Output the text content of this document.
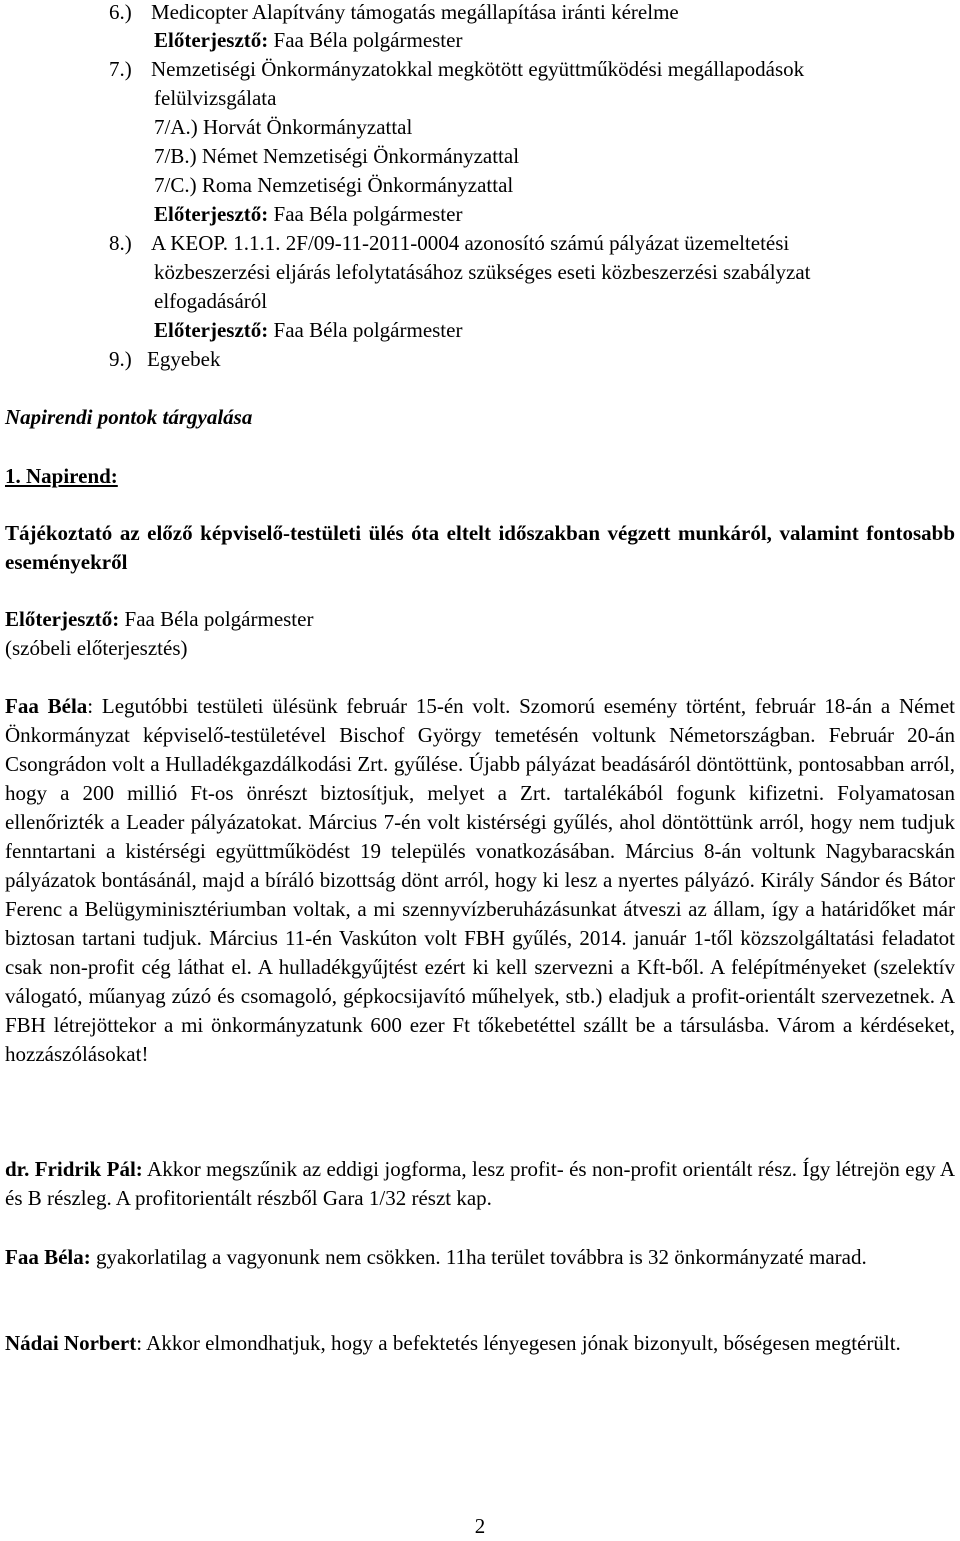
6.) Medicopter Alapítvány támogatás megállapítása iránti kérelme
Előterjesztő: Faa Béla polgármester
7.) Nemzetiségi Önkormányzatokkal megkötött együttműködési megállapodások
felülvizsgálata
7/A.) Horvát Önkormányzattal
7/B.) Német Nemzetiségi Önkormányzattal
7/C.) Roma Nemzetiségi Önkormányzattal
Előterjesztő: Faa Béla polgármester
8.) A KEOP. 1.1.1. 2F/09-11-2011-0004 azonosító számú pályázat üzemeltetési
közbeszerzési eljárás lefolytatásához szükséges eseti közbeszerzési szabályzat
elfogadásáról
Előterjesztő: Faa Béla polgármester
9.) Egyebek
Napirendi pontok tárgyalása
1. Napirend:
Tájékoztató az előző képviselő-testületi ülés óta eltelt időszakban végzett munkáról, valamint fontosabb eseményekről
Előterjesztő: Faa Béla polgármester
(szóbeli előterjesztés)

Faa Béla: Legutóbbi testületi ülésünk február 15-én volt. Szomorú esemény történt, február 18-án a Német Önkormányzat képviselő-testületével Bischof György temetésén voltunk Németországban. Február 20-án Csongrádon volt a Hulladékgazdálkodási Zrt. gyűlése. Újabb pályázat beadásáról döntöttünk, pontosabban arról, hogy a 200 millió Ft-os önrészt biztosítjuk, melyet a Zrt. tartalékából fogunk kifizetni. Folyamatosan ellenőrizték a Leader pályázatokat. Március 7-én volt kistérségi gyűlés, ahol döntöttünk arról, hogy nem tudjuk fenntartani a kistérségi együttműködést 19 település vonatkozásában. Március 8-án voltunk Nagybaracskán pályázatok bontásánál, majd a bíráló bizottság dönt arról, hogy ki lesz a nyertes pályázó. Király Sándor és Bátor Ferenc a Belügyminisztériumban voltak, a mi szennyvízberuházásunkat átveszi az állam, így a határidőket már biztosan tartani tudjuk. Március 11-én Vaskúton volt FBH gyűlés, 2014. január 1-től közszolgáltatási feladatot csak non-profit cég láthat el. A hulladékgyűjtést ezért ki kell szervezni a Kft-ből. A felépítményeket (szelektív válogató, műanyag zúzó és csomagoló, gépkocsijavító műhelyek, stb.) eladjuk a profit-orientált szervezetnek. A FBH létrejöttekor a mi önkormányzatunk 600 ezer Ft tőkebetéttel szállt be a társulásba. Várom a kérdéseket, hozzászólásokat!

dr. Fridrik Pál: Akkor megszűnik az eddigi jogforma, lesz profit- és non-profit orientált rész. Így létrejön egy A és B részleg. A profitorientált részből Gara 1/32 részt kap.

Faa Béla: gyakorlatilag a vagyonunk nem csökken. 11ha terület továbbra is 32 önkormányzaté marad.

Nádai Norbert: Akkor elmondhatjuk, hogy a befektetés lényegesen jónak bizonyult, bőségesen megtérült.

2
